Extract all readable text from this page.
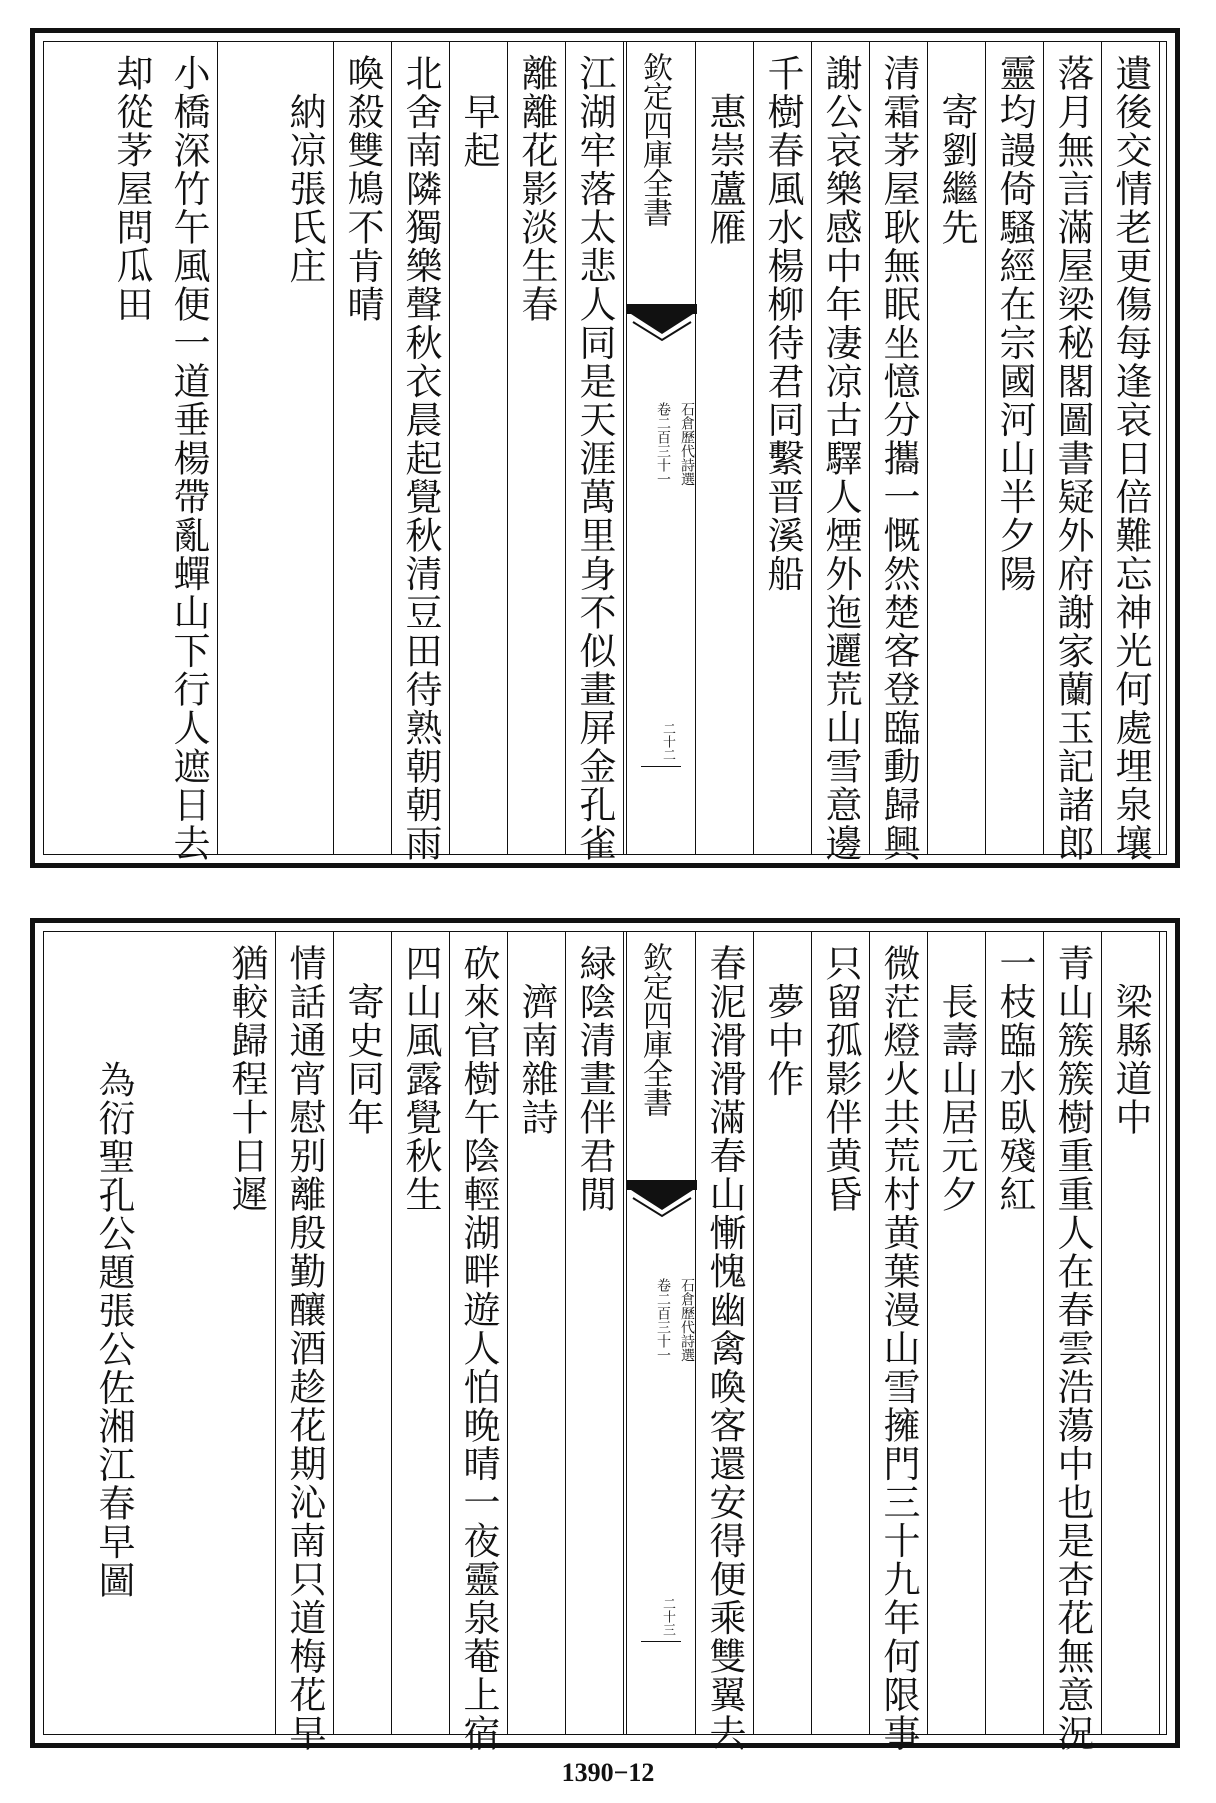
遺後交情老更傷每逢哀日倍難忘神光何處埋泉壤
落月無言滿屋梁秘閣圖書疑外府謝家蘭玉記諸郎
靈均謾倚騷經在宗國河山半夕陽
　寄劉繼先
清霜茅屋耿無眠坐憶分攜一慨然楚客登臨動歸興
謝公哀樂感中年凄凉古驛人煙外迤邐荒山雪意邊
千樹春風水楊柳待君同繫晋溪船
　惠崇蘆雁
欽定四庫全書
石倉歷代詩選
卷二百三十一
二十二
江湖牢落太悲人同是天涯萬里身不似畫屏金孔雀
離離花影淡生春
　早起
北舍南隣獨樂聲秋衣晨起覺秋清豆田待熟朝朝雨
喚殺雙鳩不肯晴
　納凉張氏庄
小橋深竹午風便一道垂楊帶亂蟬山下行人遮日去
却從茅屋問瓜田
　梁縣道中
青山簇簇樹重重人在春雲浩蕩中也是杏花無意況
一枝臨水臥殘紅
　長壽山居元夕
微茫燈火共荒村黄葉漫山雪擁門三十九年何限事
只留孤影伴黄昏
　夢中作
春泥滑滑滿春山慚愧幽禽喚客還安得便乘雙翼去
欽定四庫全書
石倉歷代詩選
卷二百三十一
二十三
緑陰清晝伴君閒
　濟南雜詩
砍來官樹午陰輕湖畔遊人怕晚晴一夜靈泉菴上宿
四山風露覺秋生
　寄史同年
情話通宵慰别離殷勤釀酒趁花期沁南只道梅花早
猶較歸程十日遲
　為衍聖孔公題張公佐湘江春早圖
1390−12
